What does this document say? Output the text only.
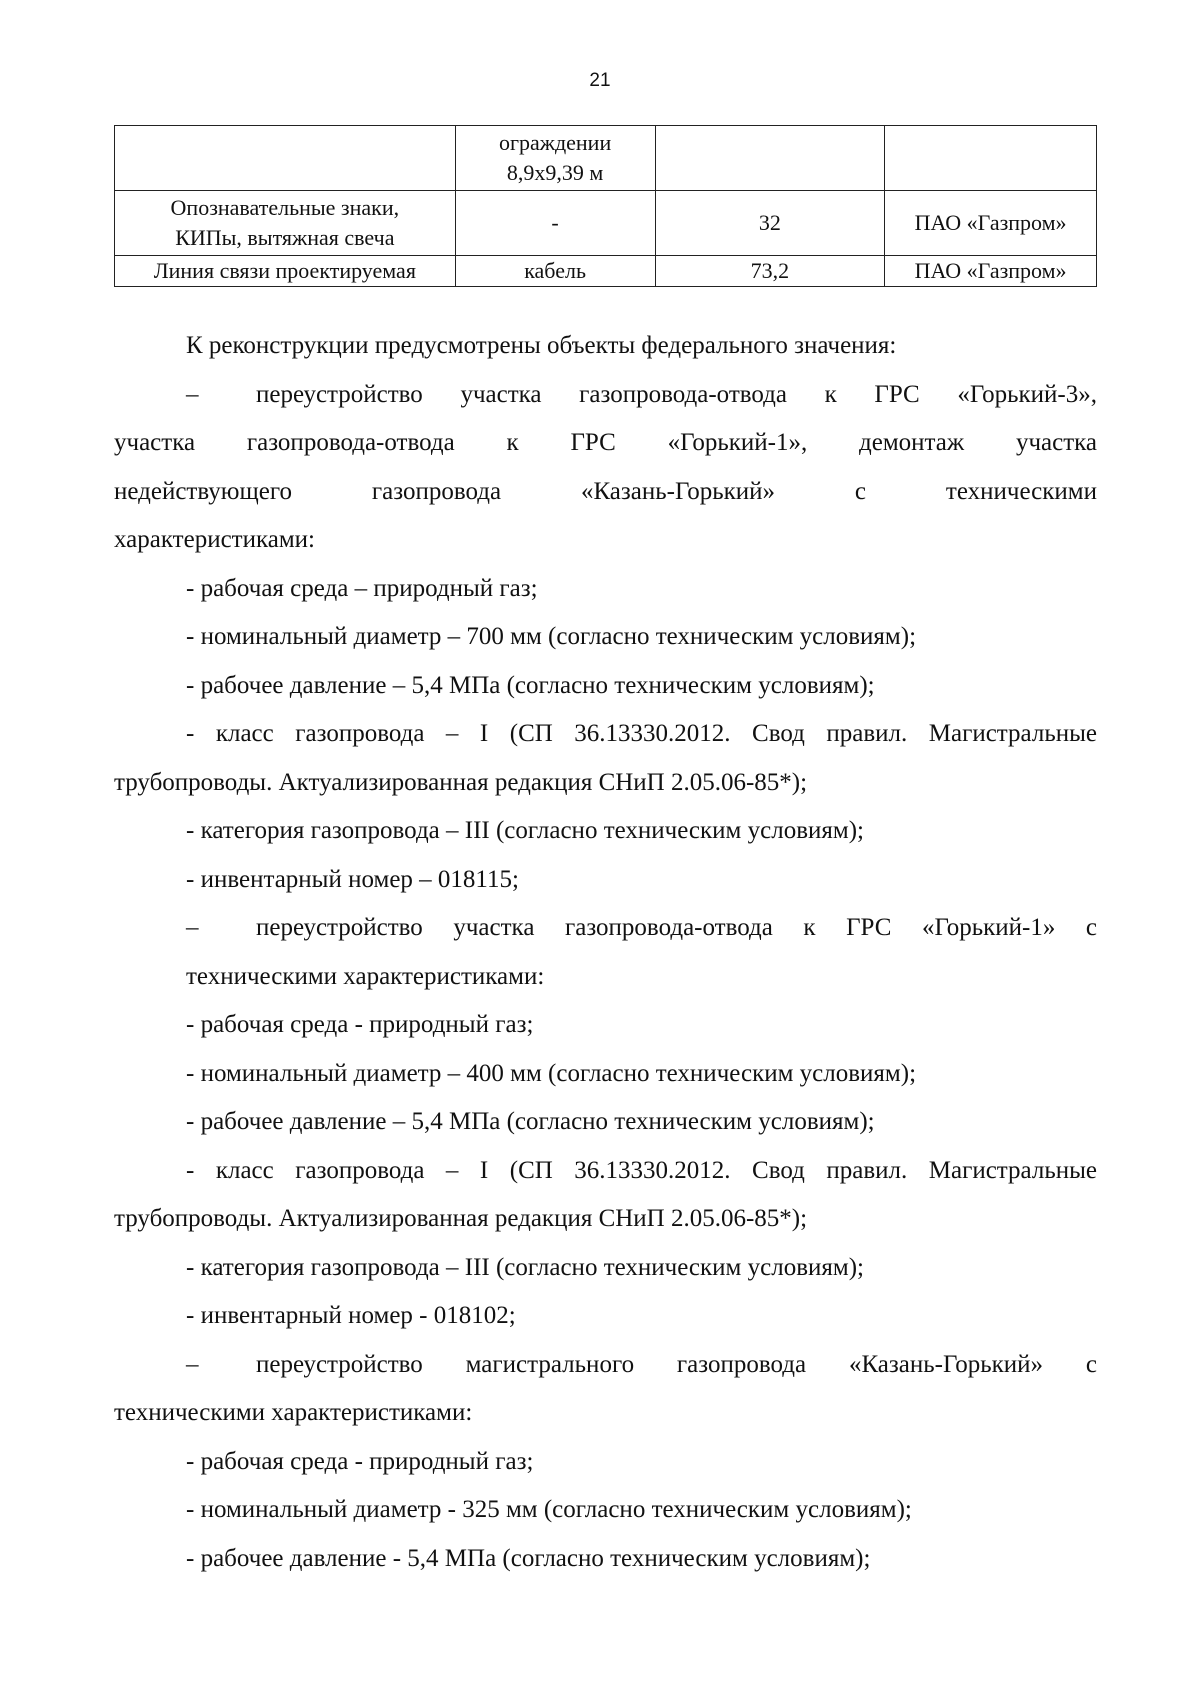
21
	ограждении
8,9х9,39 м		
Опознавательные знаки,
КИПы, вытяжная свеча	-	32	ПАО «Газпром»
Линия связи проектируемая	кабель	73,2	ПАО «Газпром»
К реконструкции предусмотрены объекты федерального значения:
–	переустройство участка газопровода-отвода к ГРС «Горький-3»,
участка газопровода-отвода к ГРС «Горький-1», демонтаж участка
недействующего газопровода «Казань-Горький» с техническими
характеристиками:
- рабочая среда – природный газ;
- номинальный диаметр – 700 мм (согласно техническим условиям);
- рабочее давление – 5,4 МПа (согласно техническим условиям);
- класс газопровода – I (СП 36.13330.2012. Свод правил. Магистральные
трубопроводы. Актуализированная редакция СНиП 2.05.06-85*);
- категория газопровода – III (согласно техническим условиям);
- инвентарный номер – 018115;
–	переустройство участка газопровода-отвода к ГРС «Горький-1» с
техническими характеристиками:
- рабочая среда - природный газ;
- номинальный диаметр – 400 мм (согласно техническим условиям);
- рабочее давление – 5,4 МПа (согласно техническим условиям);
- класс газопровода – I (СП 36.13330.2012. Свод правил. Магистральные
трубопроводы. Актуализированная редакция СНиП 2.05.06-85*);
- категория газопровода – III (согласно техническим условиям);
- инвентарный номер - 018102;
–	переустройство магистрального газопровода «Казань-Горький» с
техническими характеристиками:
- рабочая среда - природный газ;
- номинальный диаметр - 325 мм (согласно техническим условиям);
- рабочее давление - 5,4 МПа (согласно техническим условиям);
